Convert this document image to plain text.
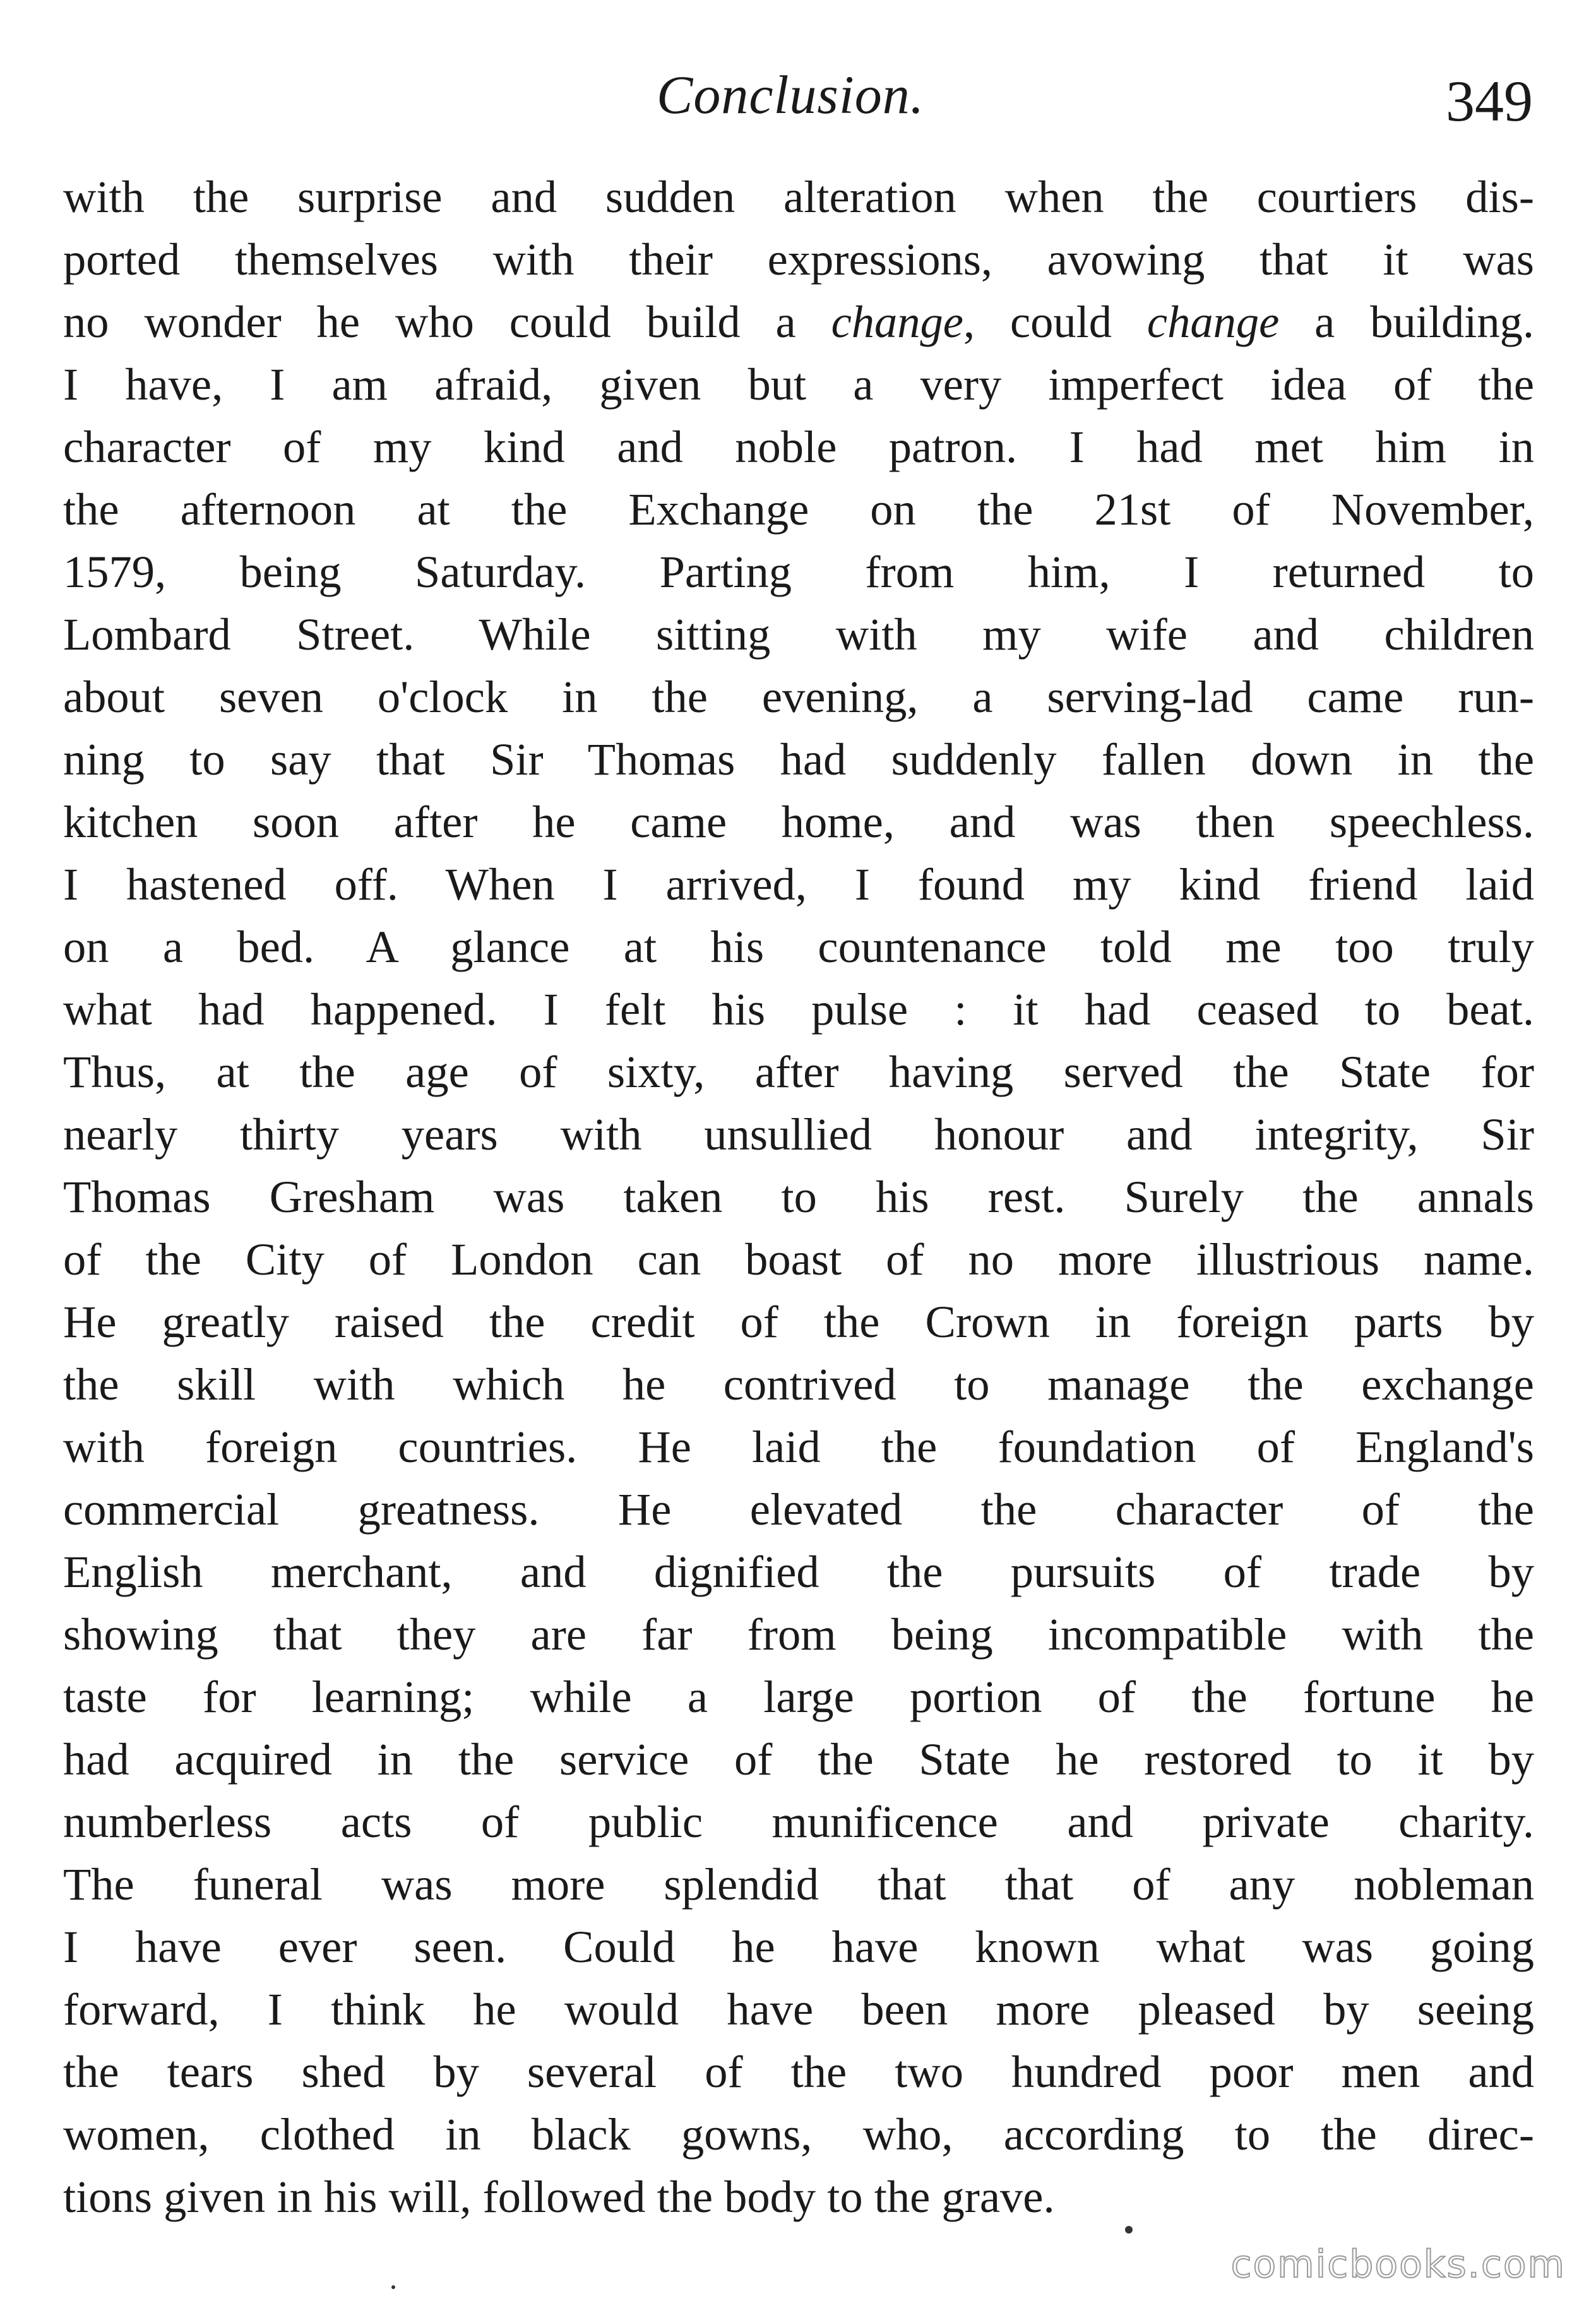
Conclusion.	349
with the surprise and sudden alteration when the courtiers dis-
ported themselves with their expressions, avowing that it was
no wonder he who could build a change, could change a building.
I have, I am afraid, given but a very imperfect idea of the
character of my kind and noble patron. I had met him in
the afternoon at the Exchange on the 21st of November,
1579, being Saturday. Parting from him, I returned to
Lombard Street. While sitting with my wife and children
about seven o'clock in the evening, a serving-lad came run-
ning to say that Sir Thomas had suddenly fallen down in the
kitchen soon after he came home, and was then speechless.
I hastened off. When I arrived, I found my kind friend laid
on a bed. A glance at his countenance told me too truly
what had happened. I felt his pulse : it had ceased to beat.
Thus, at the age of sixty, after having served the State for
nearly thirty years with unsullied honour and integrity, Sir
Thomas Gresham was taken to his rest. Surely the annals
of the City of London can boast of no more illustrious name.
He greatly raised the credit of the Crown in foreign parts by
the skill with which he contrived to manage the exchange
with foreign countries. He laid the foundation of England's
commercial greatness. He elevated the character of the
English merchant, and dignified the pursuits of trade by
showing that they are far from being incompatible with the
taste for learning; while a large portion of the fortune he
had acquired in the service of the State he restored to it by
numberless acts of public munificence and private charity.
The funeral was more splendid that that of any nobleman
I have ever seen. Could he have known what was going
forward, I think he would have been more pleased by seeing
the tears shed by several of the two hundred poor men and
women, clothed in black gowns, who, according to the direc-
tions given in his will, followed the body to the grave.
comicbooks.com
